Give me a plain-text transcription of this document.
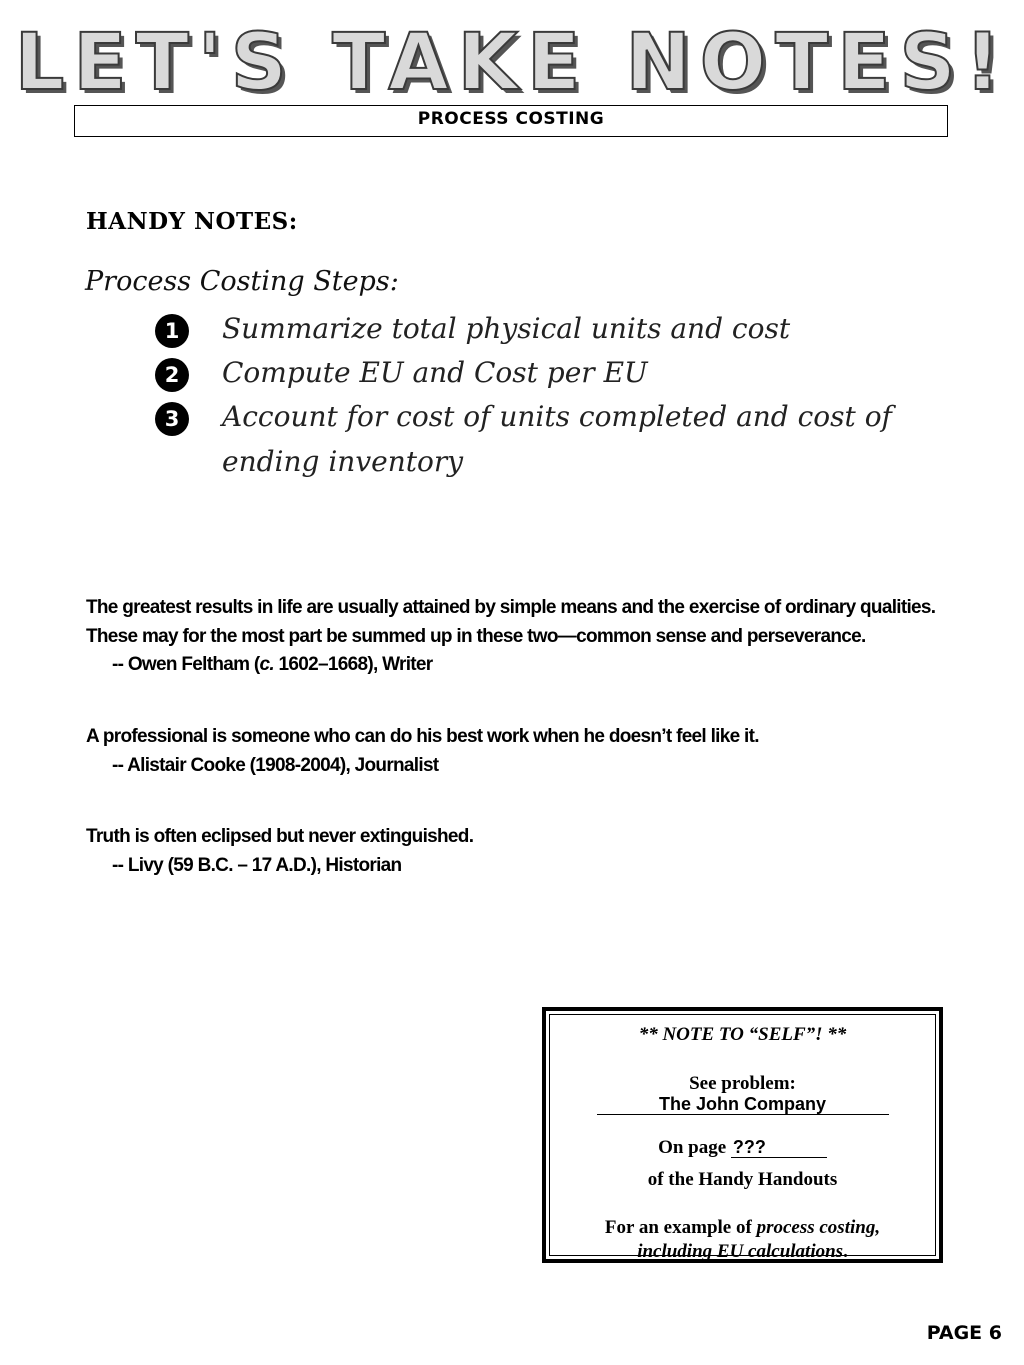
LET'S TAKE NOTES!
PROCESS COSTING
HANDY NOTES:
Process Costing Steps:
1	Summarize total physical units and cost
2	Compute EU and Cost per EU
3	Account for cost of units completed and cost of ending inventory
The greatest results in life are usually attained by simple means and the exercise of ordinary qualities.
These may for the most part be summed up in these two—common sense and perseverance.
-- Owen Feltham (c. 1602–1668), Writer
A professional is someone who can do his best work when he doesn’t feel like it.
-- Alistair Cooke (1908-2004), Journalist
Truth is often eclipsed but never extinguished.
-- Livy (59 B.C. – 17 A.D.), Historian
** NOTE TO “SELF”! **
See problem:
The John Company
On page ???
of the Handy Handouts
For an example of process costing,
including EU calculations.
PAGE 6
